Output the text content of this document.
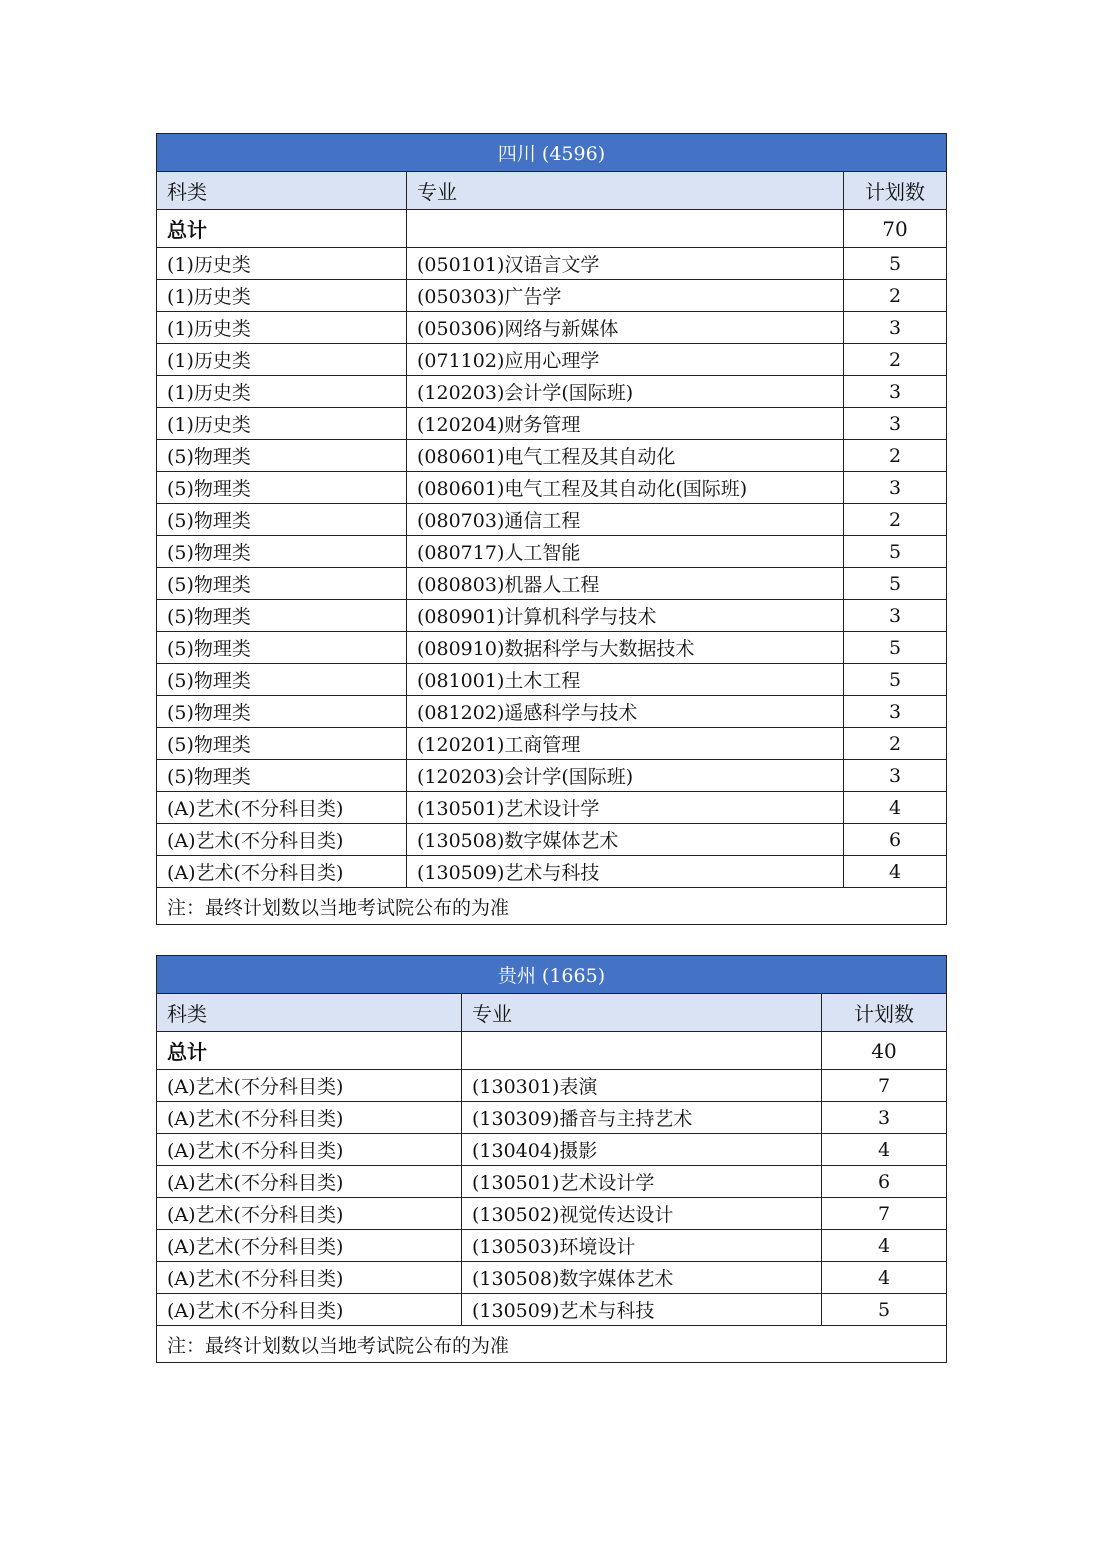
四川 (4596)		
科类	专业	计划数
总计		70
(1)历史类	(050101)汉语言文学	5
(1)历史类	(050303)广告学	2
(1)历史类	(050306)网络与新媒体	3
(1)历史类	(071102)应用心理学	2
(1)历史类	(120203)会计学(国际班)	3
(1)历史类	(120204)财务管理	3
(5)物理类	(080601)电气工程及其自动化	2
(5)物理类	(080601)电气工程及其自动化(国际班)	3
(5)物理类	(080703)通信工程	2
(5)物理类	(080717)人工智能	5
(5)物理类	(080803)机器人工程	5
(5)物理类	(080901)计算机科学与技术	3
(5)物理类	(080910)数据科学与大数据技术	5
(5)物理类	(081001)土木工程	5
(5)物理类	(081202)遥感科学与技术	3
(5)物理类	(120201)工商管理	2
(5)物理类	(120203)会计学(国际班)	3
(A)艺术(不分科目类)	(130501)艺术设计学	4
(A)艺术(不分科目类)	(130508)数字媒体艺术	6
(A)艺术(不分科目类)	(130509)艺术与科技	4
注：最终计划数以当地考试院公布的为准		
贵州 (1665)		
科类	专业	计划数
总计		40
(A)艺术(不分科目类)	(130301)表演	7
(A)艺术(不分科目类)	(130309)播音与主持艺术	3
(A)艺术(不分科目类)	(130404)摄影	4
(A)艺术(不分科目类)	(130501)艺术设计学	6
(A)艺术(不分科目类)	(130502)视觉传达设计	7
(A)艺术(不分科目类)	(130503)环境设计	4
(A)艺术(不分科目类)	(130508)数字媒体艺术	4
(A)艺术(不分科目类)	(130509)艺术与科技	5
注：最终计划数以当地考试院公布的为准		
